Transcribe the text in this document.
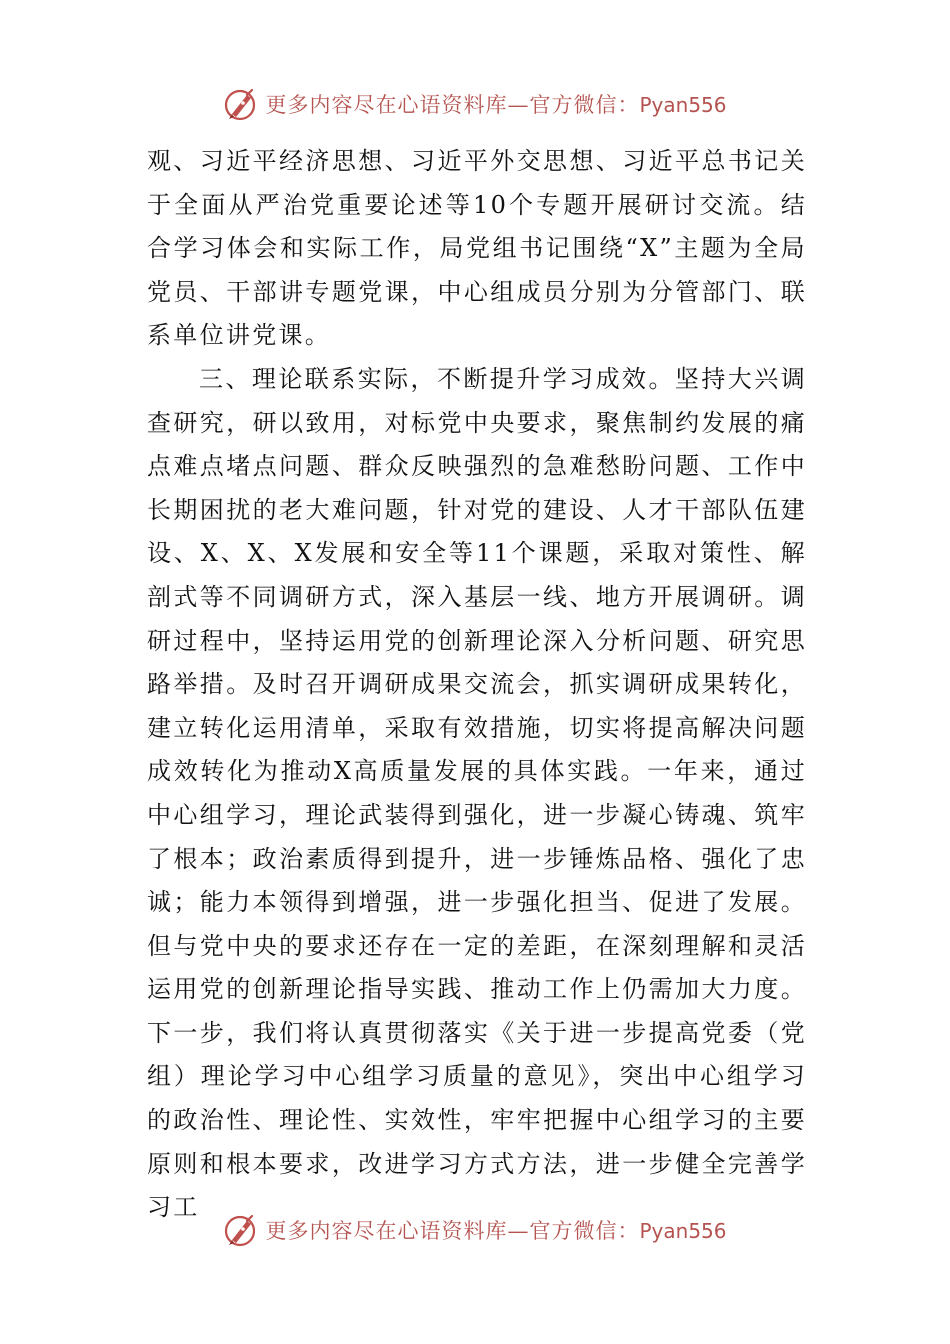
更多内容尽在心语资料库—官方微信：Pyan556

观、习近平经济思想、习近平外交思想、习近平总书记关于全面从严治党重要论述等10个专题开展研讨交流。结合学习体会和实际工作，局党组书记围绕“X”主题为全局党员、干部讲专题党课，中心组成员分别为分管部门、联系单位讲党课。

三、理论联系实际，不断提升学习成效。坚持大兴调查研究，研以致用，对标党中央要求，聚焦制约发展的痛点难点堵点问题、群众反映强烈的急难愁盼问题、工作中长期困扰的老大难问题，针对党的建设、人才干部队伍建设、X、X、X发展和安全等11个课题，采取对策性、解剖式等不同调研方式，深入基层一线、地方开展调研。调研过程中，坚持运用党的创新理论深入分析问题、研究思路举措。及时召开调研成果交流会，抓实调研成果转化，建立转化运用清单，采取有效措施，切实将提高解决问题成效转化为推动X高质量发展的具体实践。一年来，通过中心组学习，理论武装得到强化，进一步凝心铸魂、筑牢了根本；政治素质得到提升，进一步锤炼品格、强化了忠诚；能力本领得到增强，进一步强化担当、促进了发展。但与党中央的要求还存在一定的差距，在深刻理解和灵活运用党的创新理论指导实践、推动工作上仍需加大力度。下一步，我们将认真贯彻落实《关于进一步提高党委（党组）理论学习中心组学习质量的意见》，突出中心组学习的政治性、理论性、实效性，牢牢把握中心组学习的主要原则和根本要求，改进学习方式方法，进一步健全完善学习工

更多内容尽在心语资料库—官方微信：Pyan556
